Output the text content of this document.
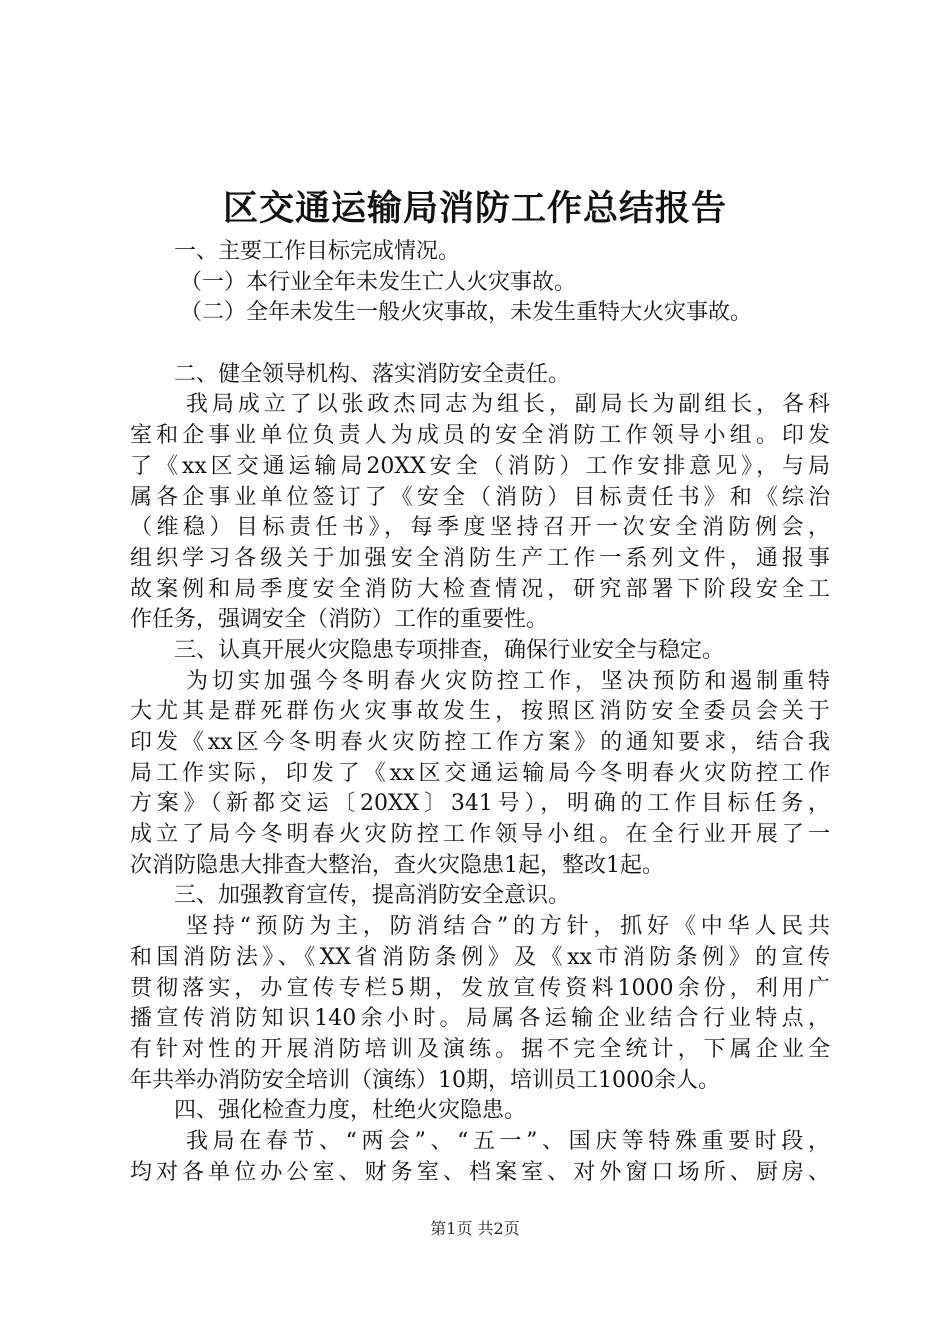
区交通运输局消防工作总结报告
一、主要工作目标完成情况。
（一）本行业全年未发生亡人火灾事故。
（二）全年未发生一般火灾事故，未发生重特大火灾事故。
二、健全领导机构、落实消防安全责任。
我局成立了以张政杰同志为组长，副局长为副组长，各科
室和企事业单位负责人为成员的安全消防工作领导小组。印发
了《xx区交通运输局20XX安全（消防）工作安排意见》，与局
属各企事业单位签订了《安全（消防）目标责任书》和《综治
（维稳）目标责任书》，每季度坚持召开一次安全消防例会，
组织学习各级关于加强安全消防生产工作一系列文件，通报事
故案例和局季度安全消防大检查情况，研究部署下阶段安全工
作任务，强调安全（消防）工作的重要性。
三、认真开展火灾隐患专项排查，确保行业安全与稳定。
为切实加强今冬明春火灾防控工作，坚决预防和遏制重特
大尤其是群死群伤火灾事故发生，按照区消防安全委员会关于
印发《xx区今冬明春火灾防控工作方案》的通知要求，结合我
局工作实际，印发了《xx区交通运输局今冬明春火灾防控工作
方案》（新都交运〔20XX〕341号），明确的工作目标任务，
成立了局今冬明春火灾防控工作领导小组。在全行业开展了一
次消防隐患大排查大整治，查火灾隐患1起，整改1起。
三、加强教育宣传，提高消防安全意识。
坚持“预防为主，防消结合”的方针，抓好《中华人民共
和国消防法》、《XX省消防条例》及《xx市消防条例》的宣传
贯彻落实，办宣传专栏5期，发放宣传资料1000余份，利用广
播宣传消防知识140余小时。局属各运输企业结合行业特点，
有针对性的开展消防培训及演练。据不完全统计，下属企业全
年共举办消防安全培训（演练）10期，培训员工1000余人。
四、强化检查力度，杜绝火灾隐患。
我局在春节、“两会”、“五一”、国庆等特殊重要时段，
均对各单位办公室、财务室、档案室、对外窗口场所、厨房、
第1页 共2页
